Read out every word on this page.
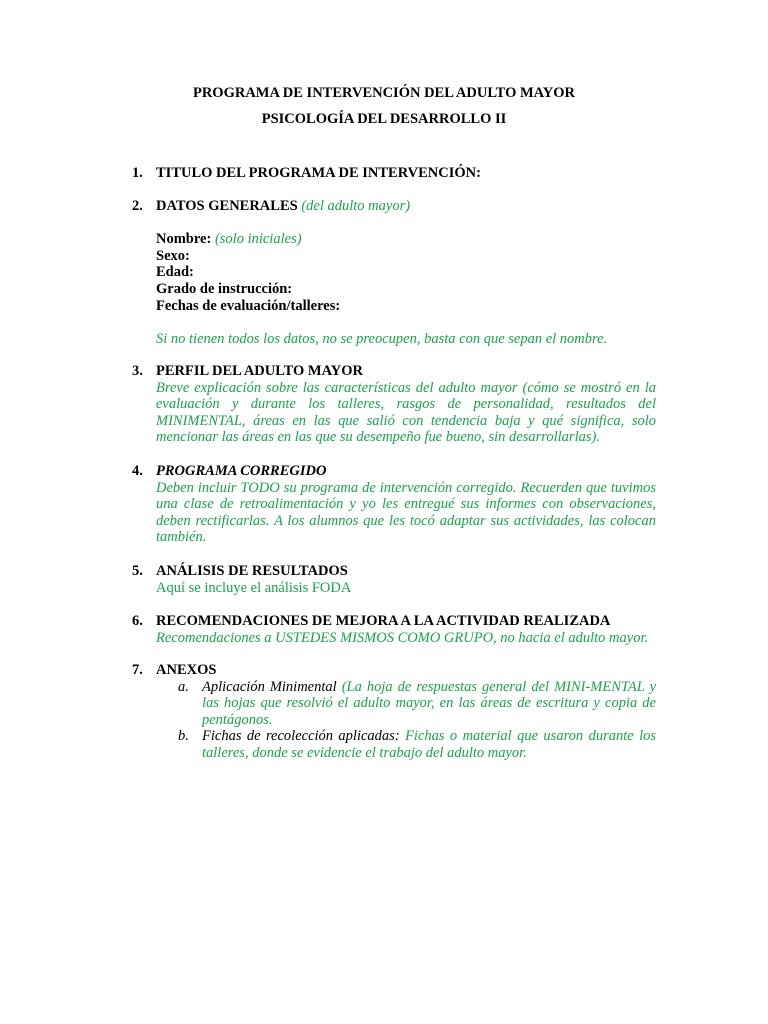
PROGRAMA DE INTERVENCIÓN DEL ADULTO MAYOR
PSICOLOGÍA DEL DESARROLLO II
1. TITULO DEL PROGRAMA DE INTERVENCIÓN:
2. DATOS GENERALES (del adulto mayor)
Nombre: (solo iniciales)
Sexo:
Edad:
Grado de instrucción:
Fechas de evaluación/talleres:
Si no tienen todos los datos, no se preocupen, basta con que sepan el nombre.
3. PERFIL DEL ADULTO MAYOR
Breve explicación sobre las características del adulto mayor (cómo se mostró en la evaluación y durante los talleres, rasgos de personalidad, resultados del MINIMENTAL, áreas en las que salió con tendencia baja y qué significa, solo mencionar las áreas en las que su desempeño fue bueno, sin desarrollarlas).
4. PROGRAMA CORREGIDO
Deben incluir TODO su programa de intervención corregido. Recuerden que tuvimos una clase de retroalimentación y yo les entregué sus informes con observaciones, deben rectificarlas. A los alumnos que les tocó adaptar sus actividades, las colocan también.
5. ANÁLISIS DE RESULTADOS
Aquí se incluye el análisis FODA
6. RECOMENDACIONES DE MEJORA A LA ACTIVIDAD REALIZADA
Recomendaciones a USTEDES MISMOS COMO GRUPO, no hacia el adulto mayor.
7. ANEXOS
a. Aplicación Minimental (La hoja de respuestas general del MINI-MENTAL y las hojas que resolvió el adulto mayor, en las áreas de escritura y copia de pentágonos.
b. Fichas de recolección aplicadas: Fichas o material que usaron durante los talleres, donde se evidencie el trabajo del adulto mayor.
